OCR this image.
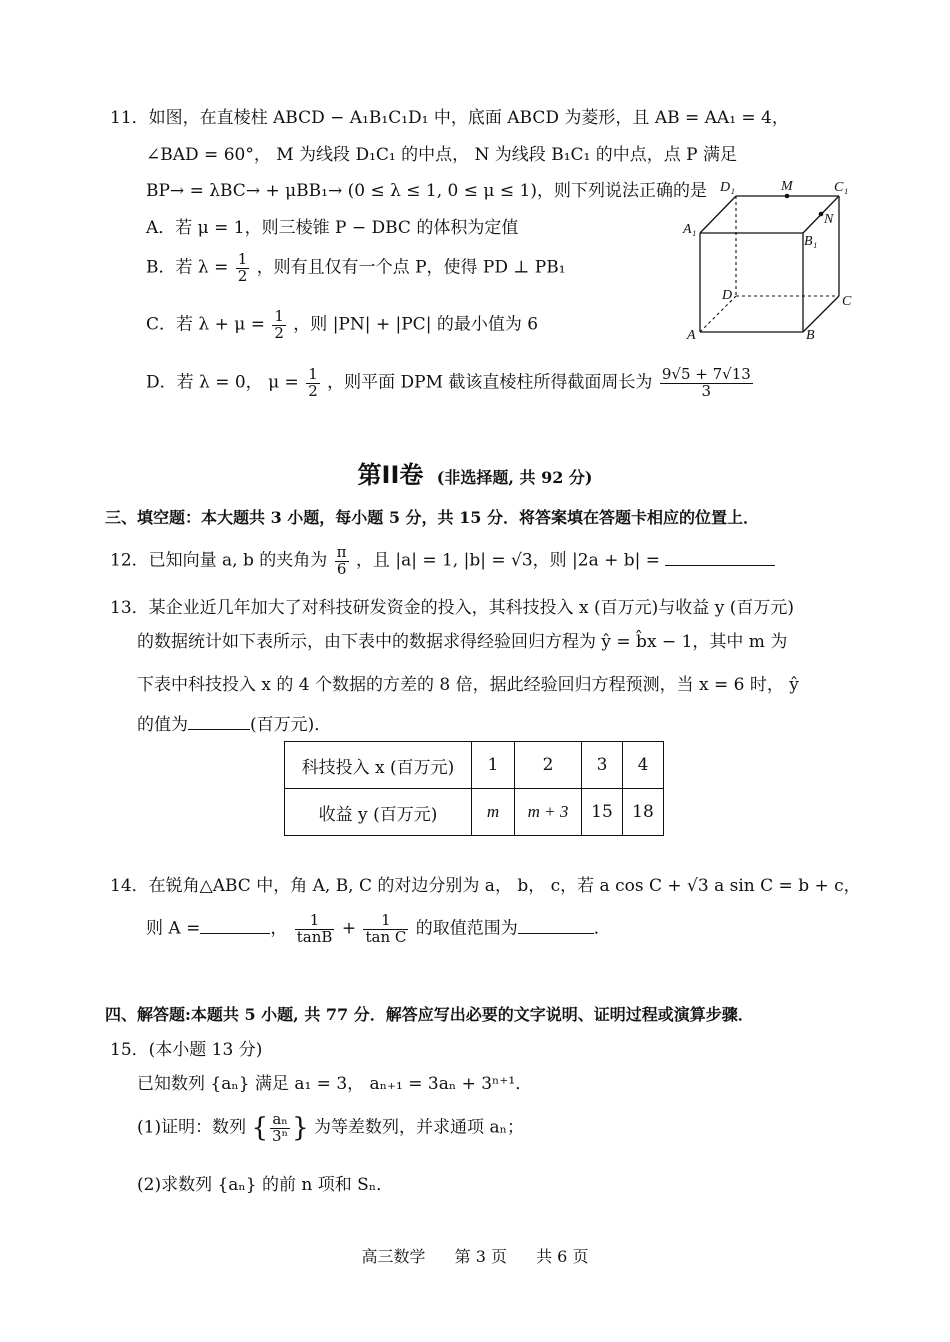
11．如图，在直棱柱 ABCD − A₁B₁C₁D₁ 中，底面 ABCD 为菱形，且 AB = AA₁ = 4，
∠BAD = 60°， M 为线段 D₁C₁ 的中点， N 为线段 B₁C₁ 的中点，点 P 满足
BP→ = λBC→ + μBB₁→ (0 ≤ λ ≤ 1, 0 ≤ μ ≤ 1)，则下列说法正确的是
A．若 μ = 1，则三棱锥 P − DBC 的体积为定值
B．若 $\lambda = \frac{1}{2}$ ，则有且仅有一个点 P，使得 PD ⊥ PB₁
C．若 $\lambda + \mu = \frac{1}{2}$ ，则 |PN| + |PC| 的最小值为 6
D．若 λ = 0， $\mu = \frac{1}{2}$ ，则平面 DPM 截该直棱柱所得截面周长为 $\frac{9√5 + 7√13}{3}$
D₁	M	C₁
N
A₁
B₁
D	C
A	B
第II卷 (非选择题, 共 92 分)
三、填空题：本大题共 3 小题，每小题 5 分，共 15 分．将答案填在答题卡相应的位置上．
12．已知向量 a, b 的夹角为 $\frac{\pi}{6}$ ，且 |a| = 1, |b| = √3，则 |2a + b| =
13．某企业近几年加大了对科技研发资金的投入，其科技投入 x (百万元)与收益 y (百万元)
的数据统计如下表所示，由下表中的数据求得经验回归方程为 ŷ = b̂x − 1，其中 m 为
下表中科技投入 x 的 4 个数据的方差的 8 倍，据此经验回归方程预测，当 x = 6 时， ŷ
的值为	(百万元)．
科技投入 x (百万元)	1	2	3	4
收益 y (百万元)	m	m + 3	15	18
14．在锐角△ABC 中，角 A, B, C 的对边分别为 a， b， c，若 a cos C + √3 a sin C = b + c，
则 A =	， $\frac{1}{\tan B} + \frac{1}{\text{tan C}}$ 的取值范围为	．
四、解答题:本题共 5 小题, 共 77 分．解答应写出必要的文字说明、证明过程或演算步骤．
15．(本小题 13 分)
已知数列 {aₙ} 满足 a₁ = 3， aₙ₊₁ = 3aₙ + 3ⁿ⁺¹．
(1)证明：数列 { $\frac{\text{aₙ}}{\text{3ⁿ}}$ } 为等差数列，并求通项 aₙ；
(2)求数列 {aₙ} 的前 n 项和 Sₙ．
高三数学 第 3 页 共 6 页
